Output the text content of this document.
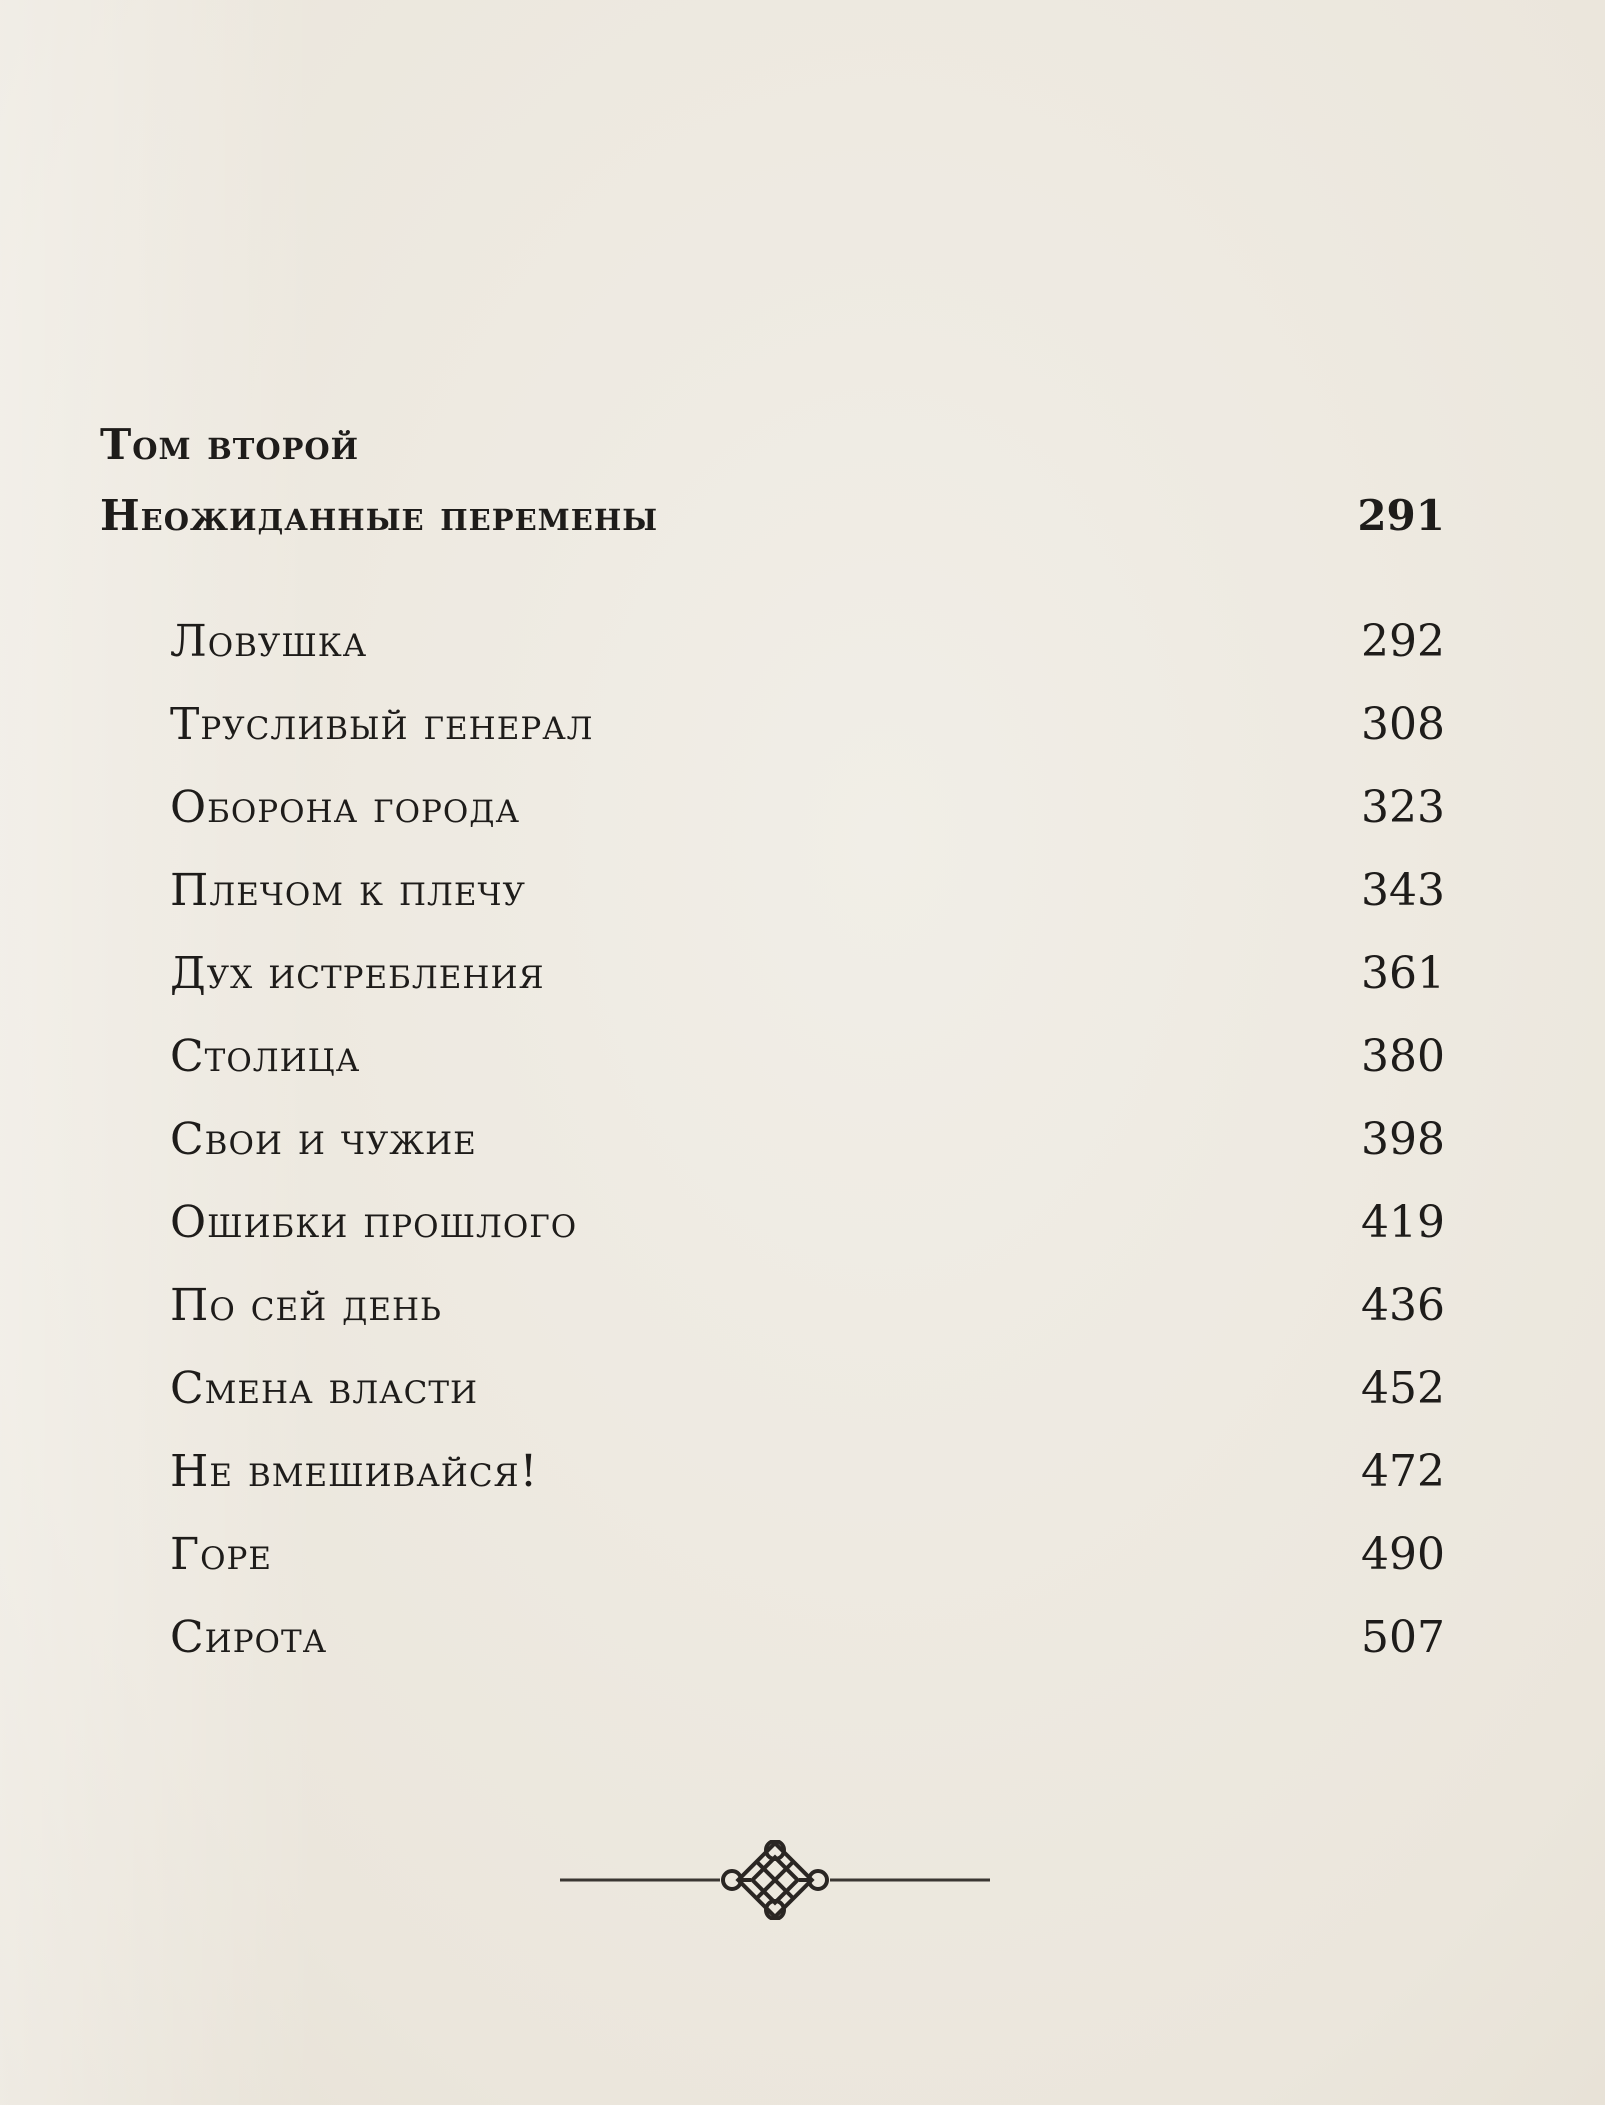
Том второй
Неожиданные перемены	291
Ловушка	292
Трусливый генерал	308
Оборона города	323
Плечом к плечу	343
Дух истребления	361
Столица	380
Свои и чужие	398
Ошибки прошлого	419
По сей день	436
Смена власти	452
Не вмешивайся!	472
Горе	490
Сирота	507
